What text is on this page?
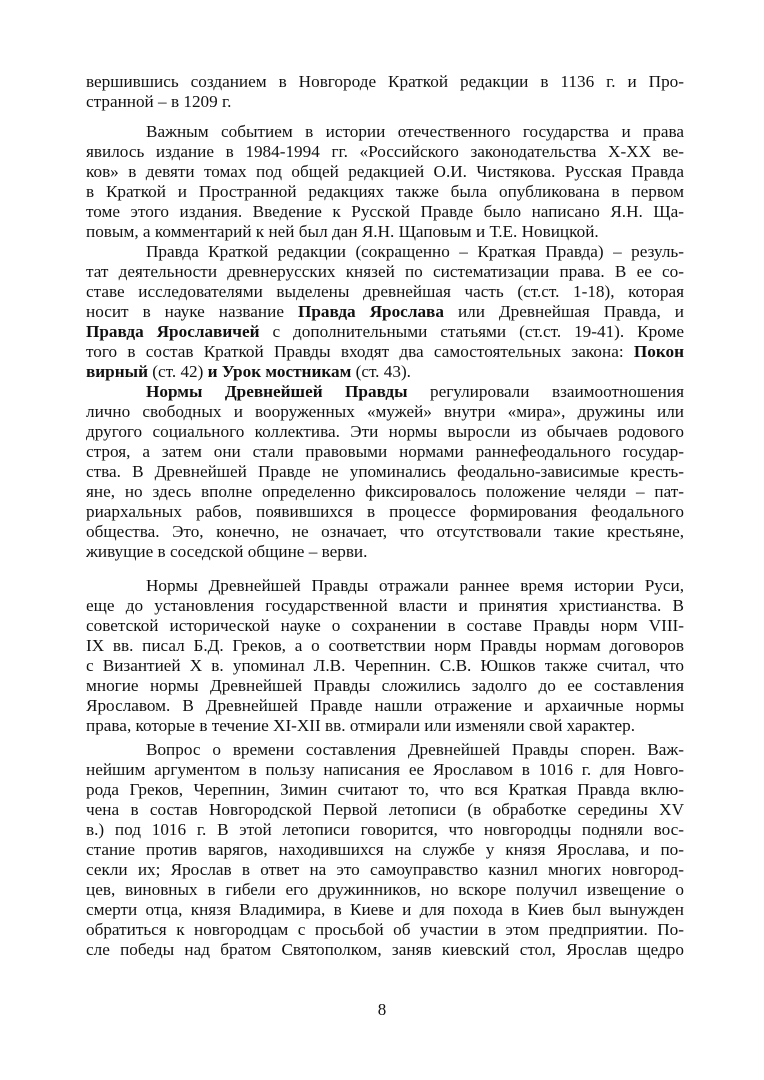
вершившись созданием в Новгороде Краткой редакции в 1136 г. и Про-
странной – в 1209 г.
Важным событием в истории отечественного государства и права
явилось издание в 1984-1994 гг. «Российского законодательства X-XX ве-
ков» в девяти томах под общей редакцией О.И. Чистякова. Русская Правда
в Краткой и Пространной редакциях также была опубликована в первом
томе этого издания. Введение к Русской Правде было написано Я.Н. Ща-
повым, а комментарий к ней был дан Я.Н. Щаповым и Т.Е. Новицкой.
Правда Краткой редакции (сокращенно – Краткая Правда) – резуль-
тат деятельности древнерусских князей по систематизации права. В ее со-
ставе исследователями выделены древнейшая часть (ст.ст. 1-18), которая
носит в науке название Правда Ярослава или Древнейшая Правда, и
Правда Ярославичей с дополнительными статьями (ст.ст. 19-41). Кроме
того в состав Краткой Правды входят два самостоятельных закона: Покон
вирный (ст. 42) и Урок мостникам (ст. 43).
Нормы Древнейшей Правды регулировали взаимоотношения
лично свободных и вооруженных «мужей» внутри «мира», дружины или
другого социального коллектива. Эти нормы выросли из обычаев родового
строя, а затем они стали правовыми нормами раннефеодального государ-
ства. В Древнейшей Правде не упоминались феодально-зависимые кресть-
яне, но здесь вполне определенно фиксировалось положение челяди – пат-
риархальных рабов, появившихся в процессе формирования феодального
общества. Это, конечно, не означает, что отсутствовали такие крестьяне,
живущие в соседской общине – верви.
Нормы Древнейшей Правды отражали раннее время истории Руси,
еще до установления государственной власти и принятия христианства. В
советской исторической науке о сохранении в составе Правды норм VIII-
IX вв. писал Б.Д. Греков, а о соответствии норм Правды нормам договоров
с Византией X в. упоминал Л.В. Черепнин. С.В. Юшков также считал, что
многие нормы Древнейшей Правды сложились задолго до ее составления
Ярославом. В Древнейшей Правде нашли отражение и архаичные нормы
права, которые в течение XI-XII вв. отмирали или изменяли свой характер.
Вопрос о времени составления Древнейшей Правды спорен. Важ-
нейшим аргументом в пользу написания ее Ярославом в 1016 г. для Новго-
рода Греков, Черепнин, Зимин считают то, что вся Краткая Правда вклю-
чена в состав Новгородской Первой летописи (в обработке середины XV
в.) под 1016 г. В этой летописи говорится, что новгородцы подняли вос-
стание против варягов, находившихся на службе у князя Ярослава, и по-
секли их; Ярослав в ответ на это самоуправство казнил многих новгород-
цев, виновных в гибели его дружинников, но вскоре получил извещение о
смерти отца, князя Владимира, в Киеве и для похода в Киев был вынужден
обратиться к новгородцам с просьбой об участии в этом предприятии. По-
сле победы над братом Святополком, заняв киевский стол, Ярослав щедро
8
